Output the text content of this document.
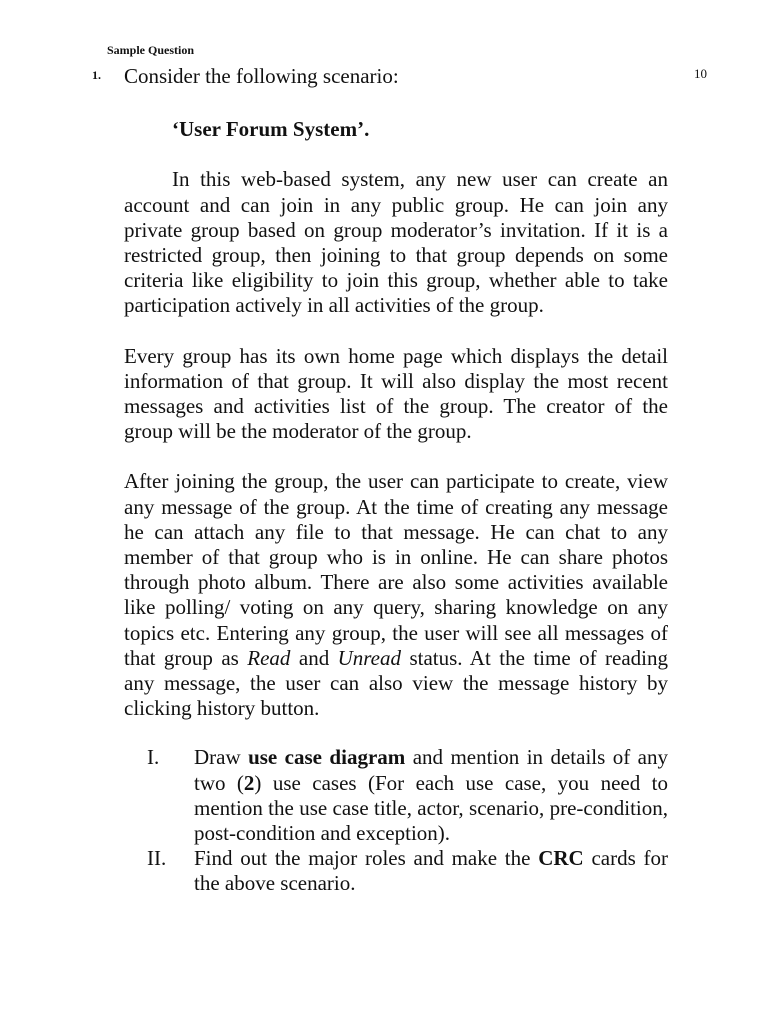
Sample Question
1.	10

Consider the following scenario:

‘User Forum System’.

In this web-based system, any new user can create an account and can join in any public group. He can join any private group based on group moderator’s invitation. If it is a restricted group, then joining to that group depends on some criteria like eligibility to join this group, whether able to take participation actively in all activities of the group.

Every group has its own home page which displays the detail information of that group. It will also display the most recent messages and activities list of the group. The creator of the group will be the moderator of the group.

After joining the group, the user can participate to create, view any message of the group. At the time of creating any message he can attach any file to that message. He can chat to any member of that group who is in online. He can share photos through photo album. There are also some activities available like polling/ voting on any query, sharing knowledge on any topics etc. Entering any group, the user will see all messages of that group as Read and Unread status. At the time of reading any message, the user can also view the message history by clicking history button.

I.	Draw use case diagram and mention in details of any two (2) use cases (For each use case, you need to mention the use case title, actor, scenario, pre-condition, post-condition and exception).
II.	Find out the major roles and make the CRC cards for the above scenario.
